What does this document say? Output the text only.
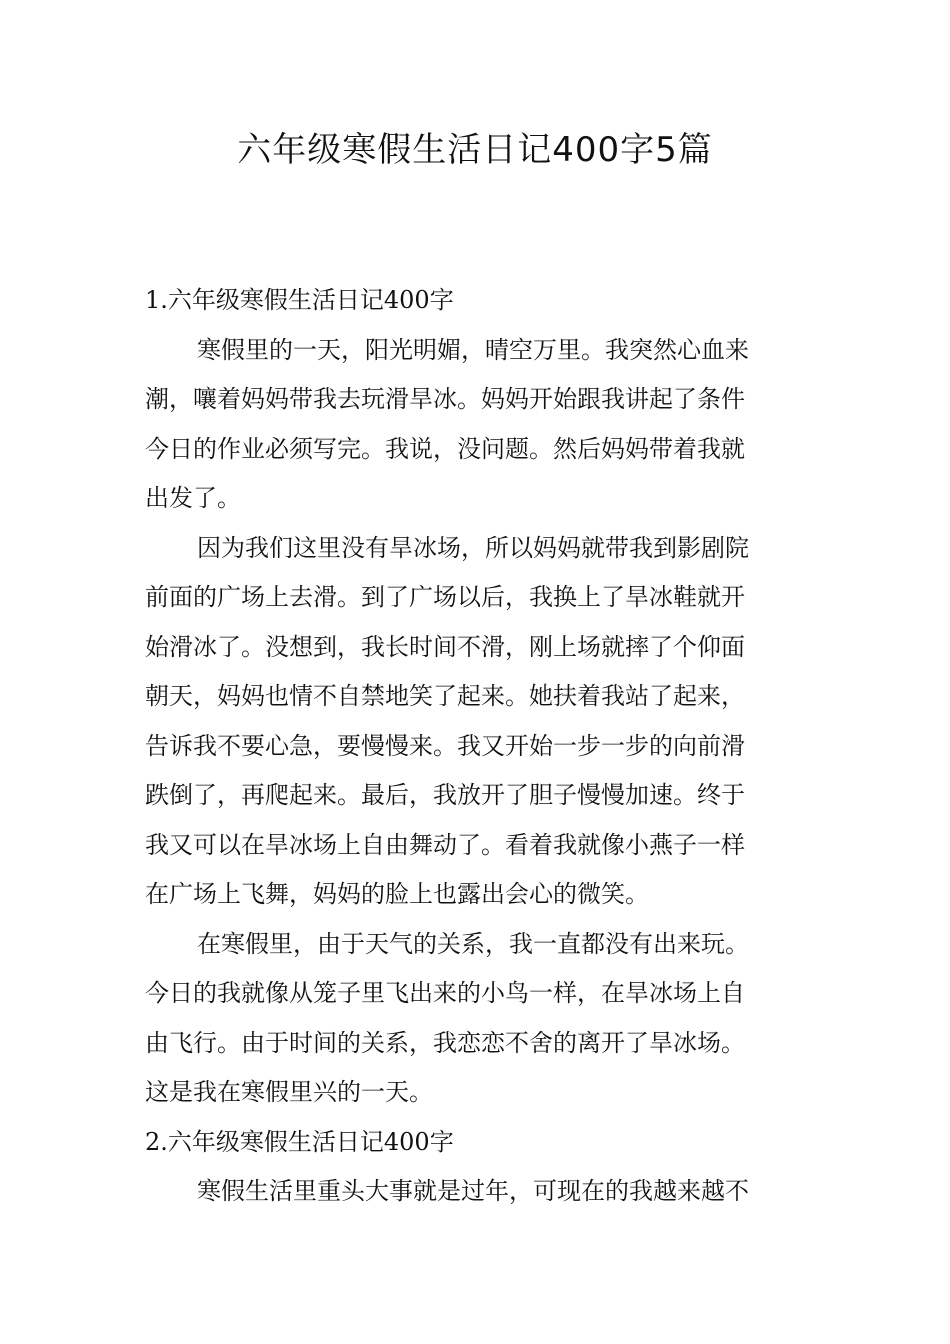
六年级寒假生活日记400字5篇
1.六年级寒假生活日记400字
寒假里的一天，阳光明媚，晴空万里。我突然心血来
潮，嚷着妈妈带我去玩滑旱冰。妈妈开始跟我讲起了条件
今日的作业必须写完。我说，没问题。然后妈妈带着我就
出发了。
因为我们这里没有旱冰场，所以妈妈就带我到影剧院
前面的广场上去滑。到了广场以后，我换上了旱冰鞋就开
始滑冰了。没想到，我长时间不滑，刚上场就摔了个仰面
朝天，妈妈也情不自禁地笑了起来。她扶着我站了起来，
告诉我不要心急，要慢慢来。我又开始一步一步的向前滑
跌倒了，再爬起来。最后，我放开了胆子慢慢加速。终于
我又可以在旱冰场上自由舞动了。看着我就像小燕子一样
在广场上飞舞，妈妈的脸上也露出会心的微笑。
在寒假里，由于天气的关系，我一直都没有出来玩。
今日的我就像从笼子里飞出来的小鸟一样，在旱冰场上自
由飞行。由于时间的关系，我恋恋不舍的离开了旱冰场。
这是我在寒假里兴的一天。
2.六年级寒假生活日记400字
寒假生活里重头大事就是过年，可现在的我越来越不
